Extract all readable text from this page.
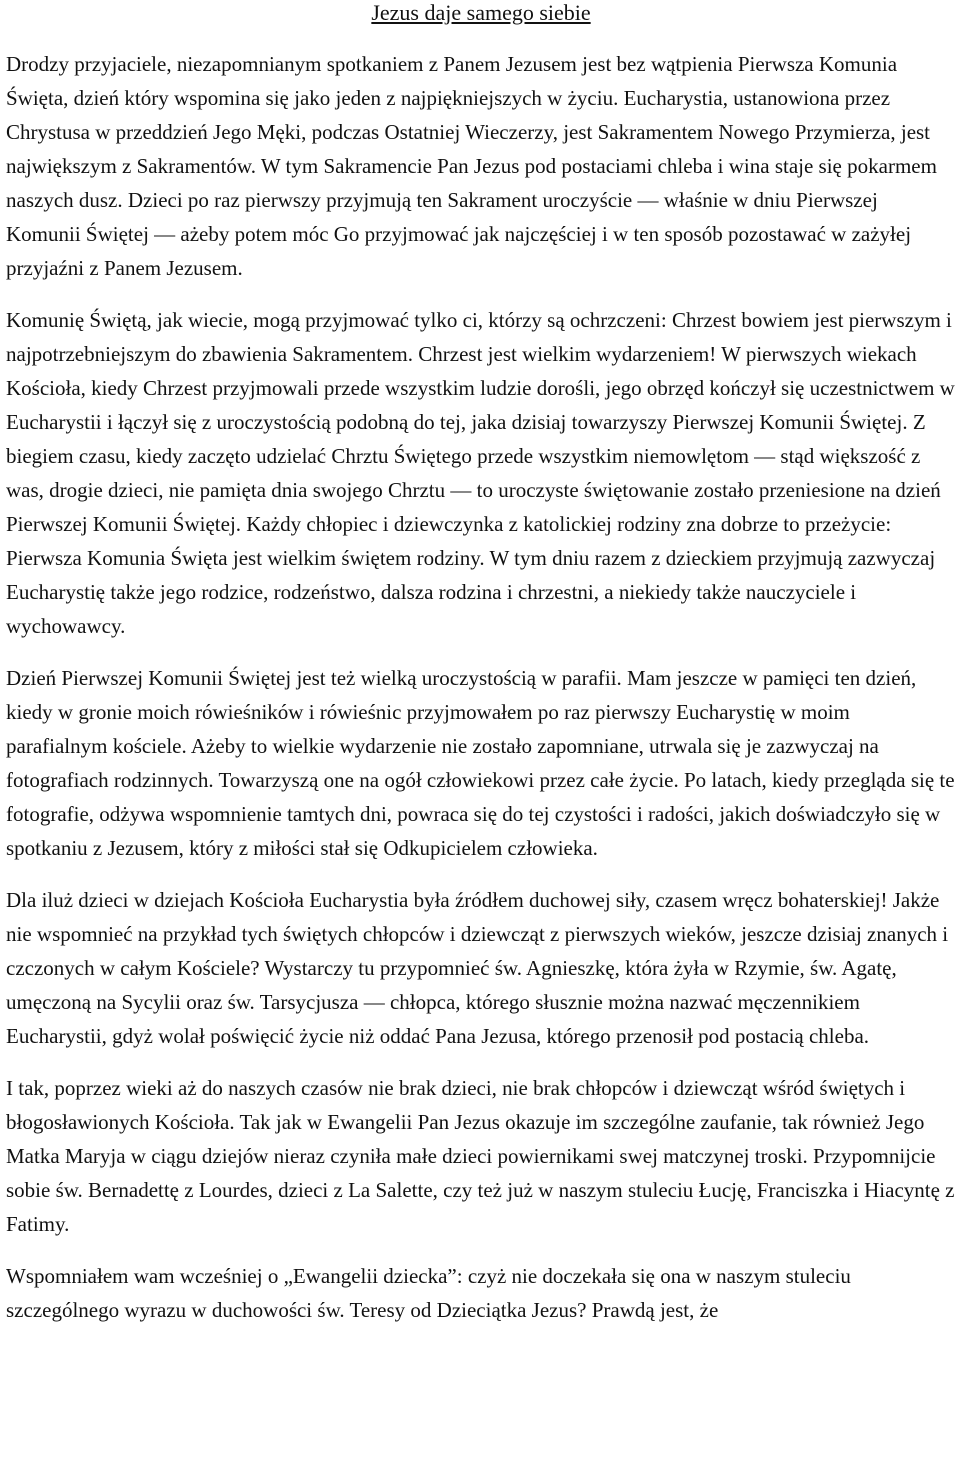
Jezus daje samego siebie

Drodzy przyjaciele, niezapomnianym spotkaniem z Panem Jezusem jest bez wątpienia Pierwsza Komunia Święta, dzień który wspomina się jako jeden z najpiękniejszych w życiu. Eucharystia, ustanowiona przez Chrystusa w przeddzień Jego Męki, podczas Ostatniej Wieczerzy, jest Sakramentem Nowego Przymierza, jest największym z Sakramentów. W tym Sakramencie Pan Jezus pod postaciami chleba i wina staje się pokarmem naszych dusz. Dzieci po raz pierwszy przyjmują ten Sakrament uroczyście — właśnie w dniu Pierwszej Komunii Świętej — ażeby potem móc Go przyjmować jak najczęściej i w ten sposób pozostawać w zażyłej przyjaźni z Panem Jezusem.

Komunię Świętą, jak wiecie, mogą przyjmować tylko ci, którzy są ochrzczeni: Chrzest bowiem jest pierwszym i najpotrzebniejszym do zbawienia Sakramentem. Chrzest jest wielkim wydarzeniem! W pierwszych wiekach Kościoła, kiedy Chrzest przyjmowali przede wszystkim ludzie dorośli, jego obrzęd kończył się uczestnictwem w Eucharystii i łączył się z uroczystością podobną do tej, jaka dzisiaj towarzyszy Pierwszej Komunii Świętej. Z biegiem czasu, kiedy zaczęto udzielać Chrztu Świętego przede wszystkim niemowlętom — stąd większość z was, drogie dzieci, nie pamięta dnia swojego Chrztu — to uroczyste świętowanie zostało przeniesione na dzień Pierwszej Komunii Świętej. Każdy chłopiec i dziewczynka z katolickiej rodziny zna dobrze to przeżycie: Pierwsza Komunia Święta jest wielkim świętem rodziny. W tym dniu razem z dzieckiem przyjmują zazwyczaj Eucharystię także jego rodzice, rodzeństwo, dalsza rodzina i chrzestni, a niekiedy także nauczyciele i wychowawcy.

Dzień Pierwszej Komunii Świętej jest też wielką uroczystością w parafii. Mam jeszcze w pamięci ten dzień, kiedy w gronie moich rówieśników i rówieśnic przyjmowałem po raz pierwszy Eucharystię w moim parafialnym kościele. Ażeby to wielkie wydarzenie nie zostało zapomniane, utrwala się je zazwyczaj na fotografiach rodzinnych. Towarzyszą one na ogół człowiekowi przez całe życie. Po latach, kiedy przegląda się te fotografie, odżywa wspomnienie tamtych dni, powraca się do tej czystości i radości, jakich doświadczyło się w spotkaniu z Jezusem, który z miłości stał się Odkupicielem człowieka.

Dla iluż dzieci w dziejach Kościoła Eucharystia była źródłem duchowej siły, czasem wręcz bohaterskiej! Jakże nie wspomnieć na przykład tych świętych chłopców i dziewcząt z pierwszych wieków, jeszcze dzisiaj znanych i czczonych w całym Kościele? Wystarczy tu przypomnieć św. Agnieszkę, która żyła w Rzymie, św. Agatę, umęczoną na Sycylii oraz św. Tarsycjusza — chłopca, którego słusznie można nazwać męczennikiem Eucharystii, gdyż wolał poświęcić życie niż oddać Pana Jezusa, którego przenosił pod postacią chleba.

I tak, poprzez wieki aż do naszych czasów nie brak dzieci, nie brak chłopców i dziewcząt wśród świętych i błogosławionych Kościoła. Tak jak w Ewangelii Pan Jezus okazuje im szczególne zaufanie, tak również Jego Matka Maryja w ciągu dziejów nieraz czyniła małe dzieci powiernikami swej matczynej troski. Przypomnijcie sobie św. Bernadettę z Lourdes, dzieci z La Salette, czy też już w naszym stuleciu Łucję, Franciszka i Hiacyntę z Fatimy.

Wspomniałem wam wcześniej o „Ewangelii dziecka”: czyż nie doczekała się ona w naszym stuleciu szczególnego wyrazu w duchowości św. Teresy od Dzieciątka Jezus? Prawdą jest, że
